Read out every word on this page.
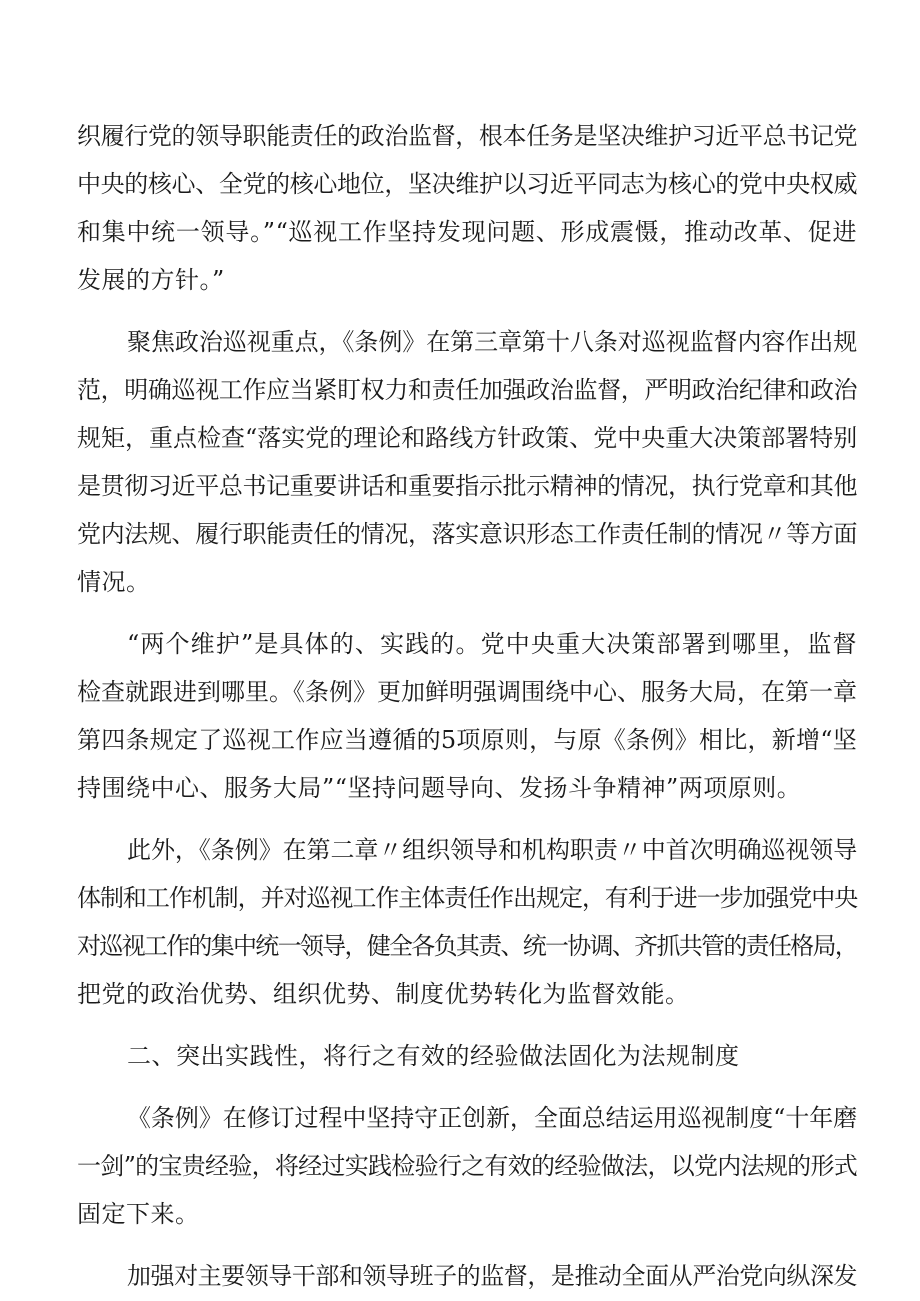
织履行党的领导职能责任的政治监督，根本任务是坚决维护习近平总书记党
中央的核心、全党的核心地位，坚决维护以习近平同志为核心的党中央权威
和集中统一领导。”“巡视工作坚持发现问题、形成震慑，推动改革、促进
发展的方针。”
聚焦政治巡视重点，《条例》在第三章第十八条对巡视监督内容作出规
范，明确巡视工作应当紧盯权力和责任加强政治监督，严明政治纪律和政治
规矩，重点检查“落实党的理论和路线方针政策、党中央重大决策部署特别
是贯彻习近平总书记重要讲话和重要指示批示精神的情况，执行党章和其他
党内法规、履行职能责任的情况，落实意识形态工作责任制的情况〃等方面
情况。
“两个维护”是具体的、实践的。党中央重大决策部署到哪里，监督
检查就跟进到哪里。《条例》更加鲜明强调围绕中心、服务大局，在第一章
第四条规定了巡视工作应当遵循的5项原则，与原《条例》相比，新增“坚
持围绕中心、服务大局”“坚持问题导向、发扬斗争精神”两项原则。
此外，《条例》在第二章〃组织领导和机构职责〃中首次明确巡视领导
体制和工作机制，并对巡视工作主体责任作出规定，有利于进一步加强党中央
对巡视工作的集中统一领导，健全各负其责、统一协调、齐抓共管的责任格局，
把党的政治优势、组织优势、制度优势转化为监督效能。
二、突出实践性，将行之有效的经验做法固化为法规制度
《条例》在修订过程中坚持守正创新，全面总结运用巡视制度“十年磨
一剑”的宝贵经验，将经过实践检验行之有效的经验做法，以党内法规的形式
固定下来。
加强对主要领导干部和领导班子的监督，是推动全面从严治党向纵深发
